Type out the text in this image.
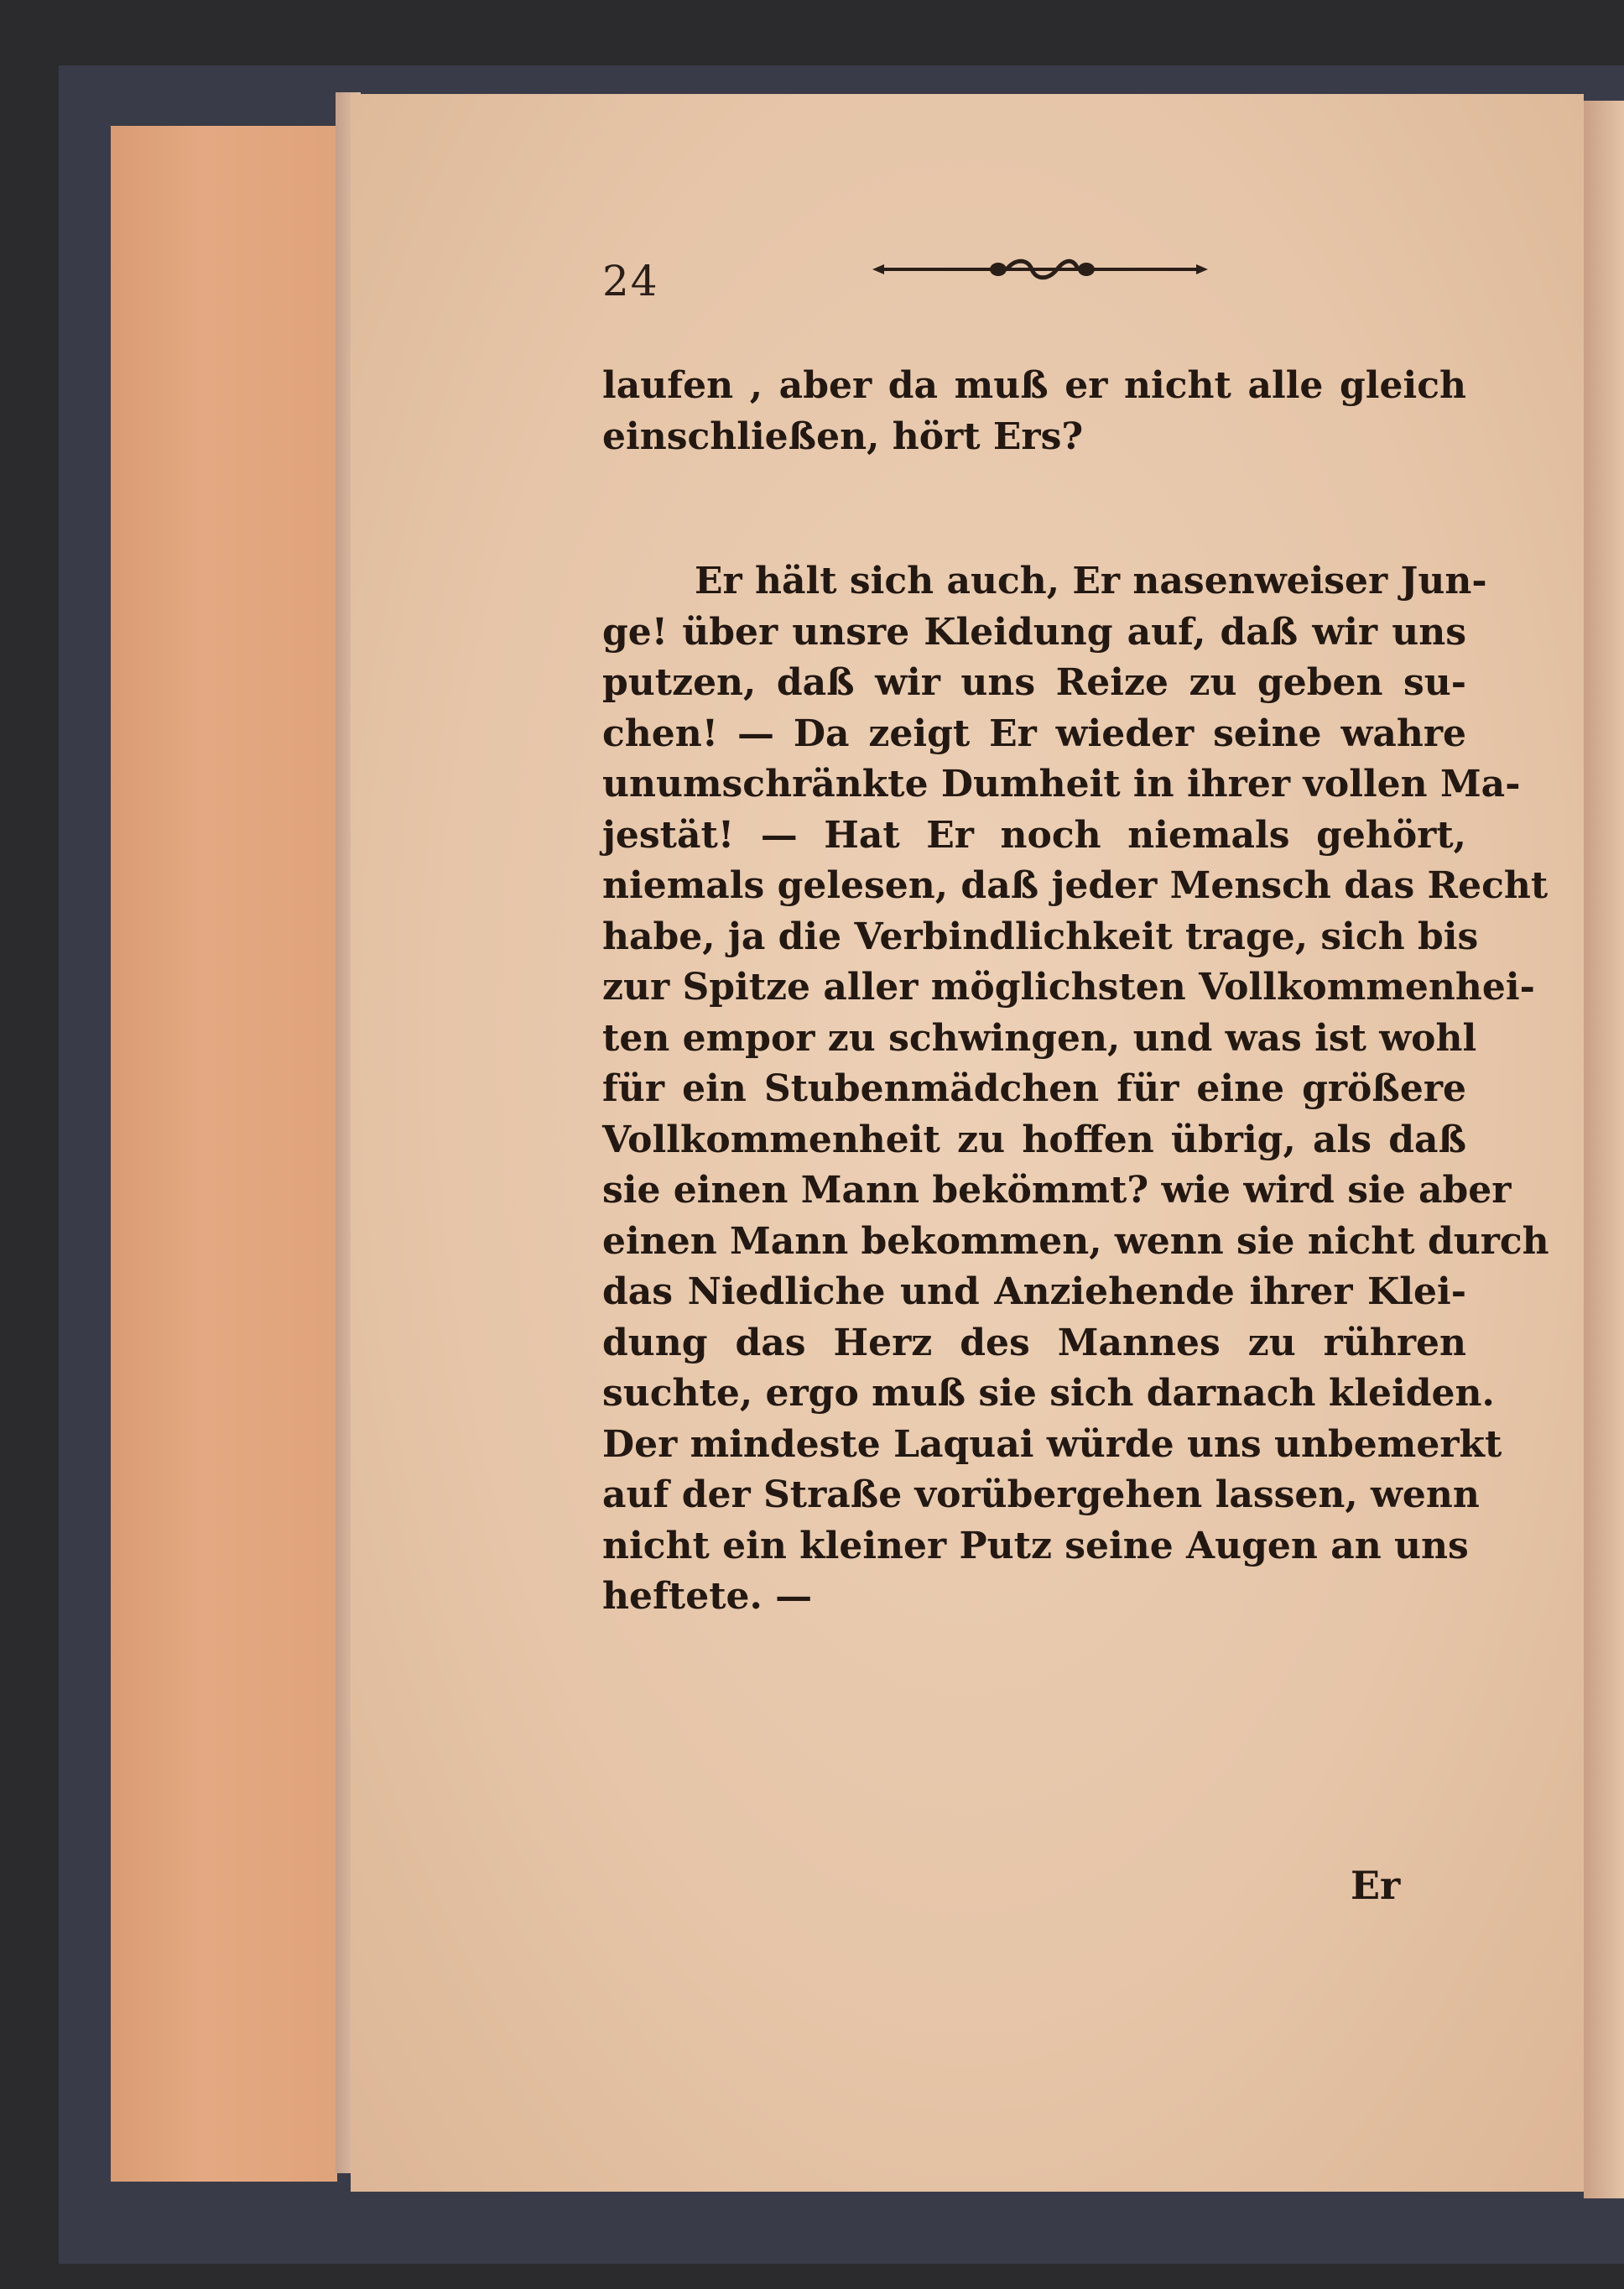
24
laufen , aber da muß er nicht alle gleich
einschließen, hört Ers?
Er hält sich auch, Er nasenweiser Jun-
ge! über unsre Kleidung auf, daß wir uns
putzen, daß wir uns Reize zu geben su-
chen! — Da zeigt Er wieder seine wahre
unumschränkte Dumheit in ihrer vollen Ma-
jestät! — Hat Er noch niemals gehört,
niemals gelesen, daß jeder Mensch das Recht
habe, ja die Verbindlichkeit trage, sich bis
zur Spitze aller möglichsten Vollkommenhei-
ten empor zu schwingen, und was ist wohl
für ein Stubenmädchen für eine größere
Vollkommenheit zu hoffen übrig, als daß
sie einen Mann bekömmt? wie wird sie aber
einen Mann bekommen, wenn sie nicht durch
das Niedliche und Anziehende ihrer Klei-
dung das Herz des Mannes zu rühren
suchte, ergo muß sie sich darnach kleiden.
Der mindeste Laquai würde uns unbemerkt
auf der Straße vorübergehen lassen, wenn
nicht ein kleiner Putz seine Augen an uns
heftete. —
Er
